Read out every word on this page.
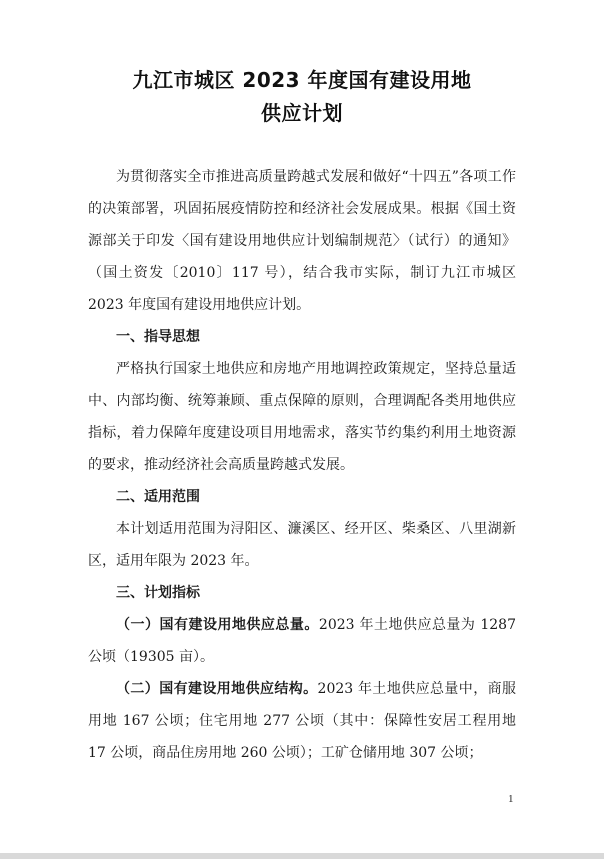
九江市城区 2023 年度国有建设用地
供应计划

为贯彻落实全市推进高质量跨越式发展和做好“十四五”各项工作的决策部署，巩固拓展疫情防控和经济社会发展成果。根据《国土资源部关于印发〈国有建设用地供应计划编制规范〉（试行）的通知》（国土资发〔2010〕117 号），结合我市实际，制订九江市城区 2023 年度国有建设用地供应计划。

一、指导思想

严格执行国家土地供应和房地产用地调控政策规定，坚持总量适中、内部均衡、统筹兼顾、重点保障的原则，合理调配各类用地供应指标，着力保障年度建设项目用地需求，落实节约集约利用土地资源的要求，推动经济社会高质量跨越式发展。

二、适用范围

本计划适用范围为浔阳区、濂溪区、经开区、柴桑区、八里湖新区，适用年限为 2023 年。

三、计划指标

（一）国有建设用地供应总量。2023 年土地供应总量为 1287 公顷（19305 亩）。

（二）国有建设用地供应结构。2023 年土地供应总量中，商服用地 167 公顷；住宅用地 277 公顷（其中：保障性安居工程用地 17 公顷，商品住房用地 260 公顷）；工矿仓储用地 307 公顷；

1
